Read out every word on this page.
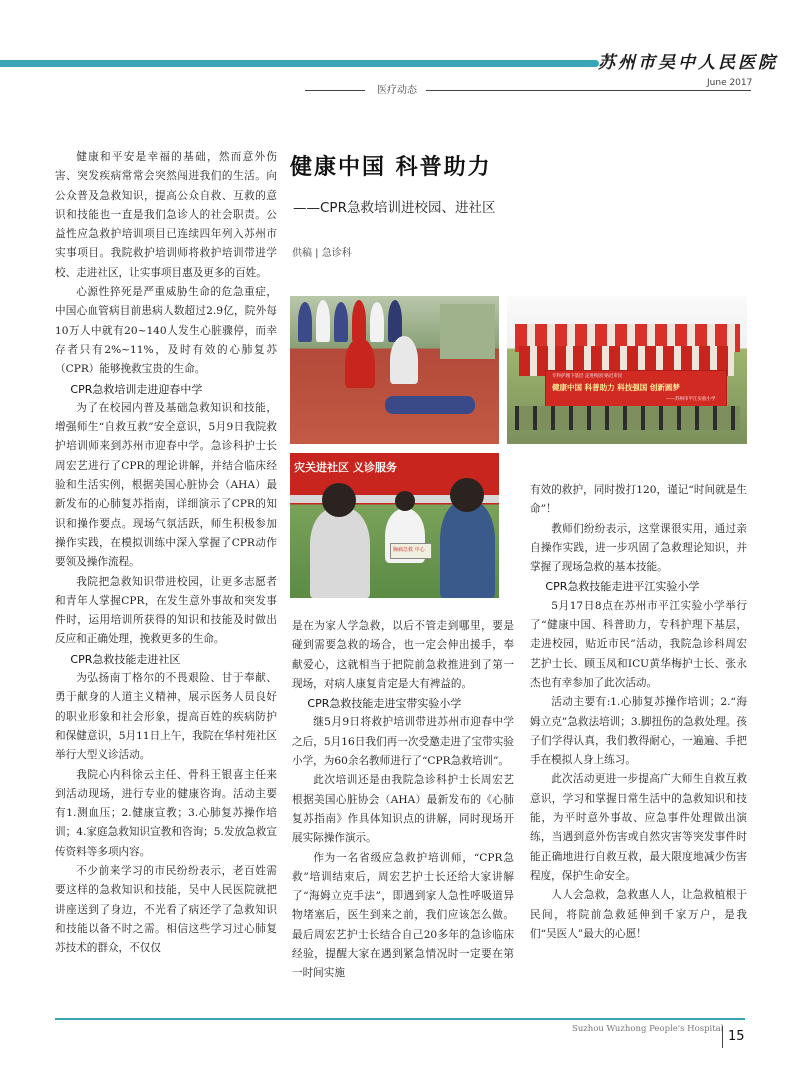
苏州市吴中人民医院
June 2017
医疗动态
健康中国 科普助力
——CPR急救培训进校园、进社区
供稿 | 急诊科

健康和平安是幸福的基础，然而意外伤害、突发疾病常常会突然闯进我们的生活。向公众普及急救知识，提高公众自救、互救的意识和技能也一直是我们急诊人的社会职责。公益性应急救护培训项目已连续四年列入苏州市实事项目。我院救护培训师将救护培训带进学校、走进社区，让实事项目惠及更多的百姓。

心源性猝死是严重威胁生命的危急重症，中国心血管病目前患病人数超过2.9亿，院外每10万人中就有20~140人发生心脏骤停，而幸存者只有2%~11%，及时有效的心肺复苏（CPR）能够挽救宝贵的生命。

CPR急救培训走进迎春中学

为了在校园内普及基础急救知识和技能，增强师生“自救互救”安全意识，5月9日我院救护培训师来到苏州市迎春中学。急诊科护士长周宏艺进行了CPR的理论讲解，并结合临床经验和生活实例，根据美国心脏协会（AHA）最新发布的心肺复苏指南，详细演示了CPR的知识和操作要点。现场气氛活跃，师生积极参加操作实践，在模拟训练中深入掌握了CPR动作要领及操作流程。

我院把急救知识带进校园，让更多志愿者和青年人掌握CPR，在发生意外事故和突发事件时，运用培训所获得的知识和技能及时做出反应和正确处理，挽救更多的生命。

CPR急救技能走进社区

为弘扬南丁格尔的不畏艰险、甘于奉献、勇于献身的人道主义精神，展示医务人员良好的职业形象和社会形象，提高百姓的疾病防护和保健意识，5月11日上午，我院在华村苑社区举行大型义诊活动。

我院心内科徐云主任、骨科王银喜主任来到活动现场，进行专业的健康咨询。活动主要有1.测血压；2.健康宣教；3.心肺复苏操作培训；4.家庭急救知识宣教和咨询；5.发放急救宣传资料等多项内容。

不少前来学习的市民纷纷表示，老百姓需要这样的急救知识和技能，吴中人民医院就把讲座送到了身边，不光看了病还学了急救知识和技能以备不时之需。相信这些学习过心肺复苏技术的群众，不仅仅

专科护理下基层 走进校园 贴近市民
健康中国 科普助力 科技强国 创新圆梦
——苏州市平江实验小学
灾关进社区 义诊服务
胸痛急救 中心

是在为家人学急救，以后不管走到哪里，要是碰到需要急救的场合，也一定会伸出援手，奉献爱心，这就相当于把院前急救推进到了第一现场，对病人康复肯定是大有裨益的。

CPR急救技能走进宝带实验小学

继5月9日将救护培训带进苏州市迎春中学之后，5月16日我们再一次受邀走进了宝带实验小学，为60余名教师进行了“CPR急救培训”。

此次培训还是由我院急诊科护士长周宏艺根据美国心脏协会（AHA）最新发布的《心肺复苏指南》作具体知识点的讲解，同时现场开展实际操作演示。

作为一名省级应急救护培训师，“CPR急救”培训结束后，周宏艺护士长还给大家讲解了“海姆立克手法”，即遇到家人急性呼吸道异物堵塞后，医生到来之前，我们应该怎么做。最后周宏艺护士长结合自己20多年的急诊临床经验，提醒大家在遇到紧急情况时一定要在第一时间实施

有效的救护，同时拨打120，谨记“时间就是生命”！

教师们纷纷表示，这堂课很实用，通过亲自操作实践，进一步巩固了急救理论知识，并掌握了现场急救的基本技能。

CPR急救技能走进平江实验小学

5月17日8点在苏州市平江实验小学举行了“健康中国、科普助力，专科护理下基层，走进校园，贴近市民”活动，我院急诊科周宏艺护士长、顾玉凤和ICU黄华梅护士长、张永杰也有幸参加了此次活动。

活动主要有:1.心肺复苏操作培训；2.“海姆立克”急救法培训；3.脚扭伤的急救处理。孩子们学得认真，我们教得耐心，一遍遍、手把手在模拟人身上练习。

此次活动更进一步提高广大师生自救互救意识，学习和掌握日常生活中的急救知识和技能，为平时意外事故、应急事件处理做出演练，当遇到意外伤害或自然灾害等突发事件时能正确地进行自救互救，最大限度地减少伤害程度，保护生命安全。

人人会急救，急救惠人人，让急救植根于民间，将院前急救延伸到千家万户，是我们“吴医人”最大的心愿！

Suzhou Wuzhong People's Hospital 15
